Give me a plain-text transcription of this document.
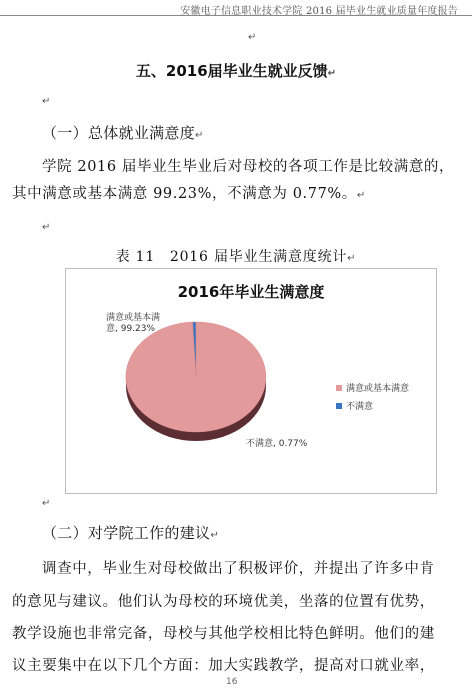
安徽电子信息职业技术学院 2016 届毕业生就业质量年度报告
↵
五、2016届毕业生就业反馈↵
↵
（一）总体就业满意度↵
学院 2016 届毕业生毕业后对母校的各项工作是比较满意的，
其中满意或基本满意 99.23%，不满意为 0.77%。↵
↵
表 11　2016 届毕业生满意度统计↵
2016年毕业生满意度
满意或基本满
意, 99.23%
不满意, 0.77%
满意或基本满意
不满意
↵
（二）对学院工作的建议↵
调查中，毕业生对母校做出了积极评价，并提出了许多中肯
的意见与建议。他们认为母校的环境优美，坐落的位置有优势，
教学设施也非常完备，母校与其他学校相比特色鲜明。他们的建
议主要集中在以下几个方面：加大实践教学，提高对口就业率，
16
